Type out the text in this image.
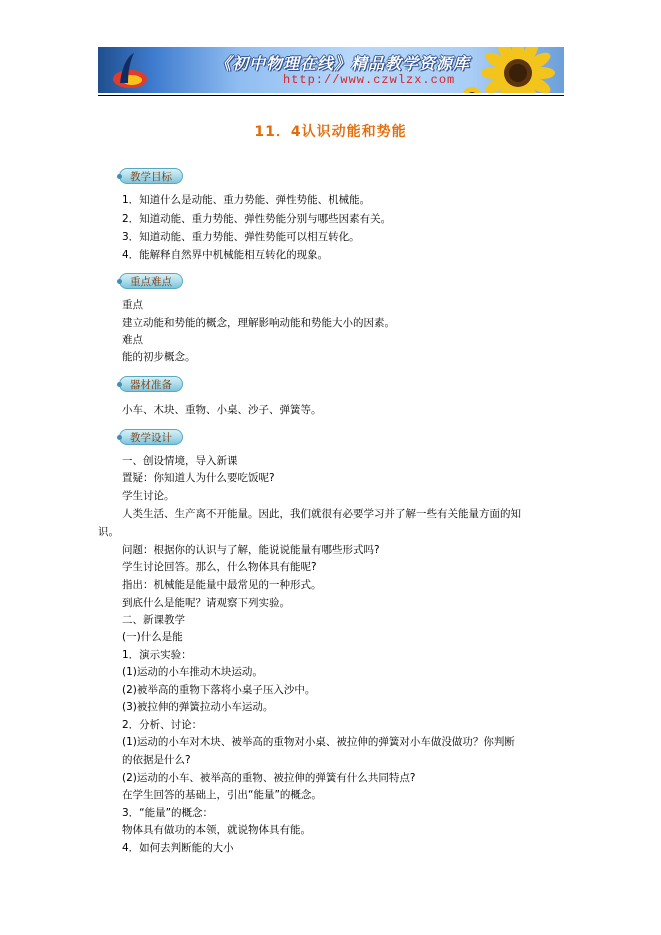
《初中物理在线》精品教学资源库
http://www.czwlzx.com
11．4认识动能和势能
教学目标
1．知道什么是动能、重力势能、弹性势能、机械能。
2．知道动能、重力势能、弹性势能分别与哪些因素有关。
3．知道动能、重力势能、弹性势能可以相互转化。
4．能解释自然界中机械能相互转化的现象。
重点难点
重点
建立动能和势能的概念，理解影响动能和势能大小的因素。
难点
能的初步概念。
器材准备
小车、木块、重物、小桌、沙子、弹簧等。
教学设计
一、创设情境，导入新课
置疑：你知道人为什么要吃饭呢?
学生讨论。
人类生活、生产离不开能量。因此，我们就很有必要学习并了解一些有关能量方面的知
识。
问题：根据你的认识与了解，能说说能量有哪些形式吗?
学生讨论回答。那么，什么物体具有能呢?
指出：机械能是能量中最常见的一种形式。
到底什么是能呢？请观察下列实验。
二、新课教学
(一)什么是能
1．演示实验：
(1)运动的小车推动木块运动。
(2)被举高的重物下落将小桌子压入沙中。
(3)被拉伸的弹簧拉动小车运动。
2．分析、讨论：
(1)运动的小车对木块、被举高的重物对小桌、被拉伸的弹簧对小车做没做功？你判断
的依据是什么?
(2)运动的小车、被举高的重物、被拉伸的弹簧有什么共同特点?
在学生回答的基础上，引出“能量”的概念。
3．“能量”的概念：
物体具有做功的本领，就说物体具有能。
4．如何去判断能的大小
